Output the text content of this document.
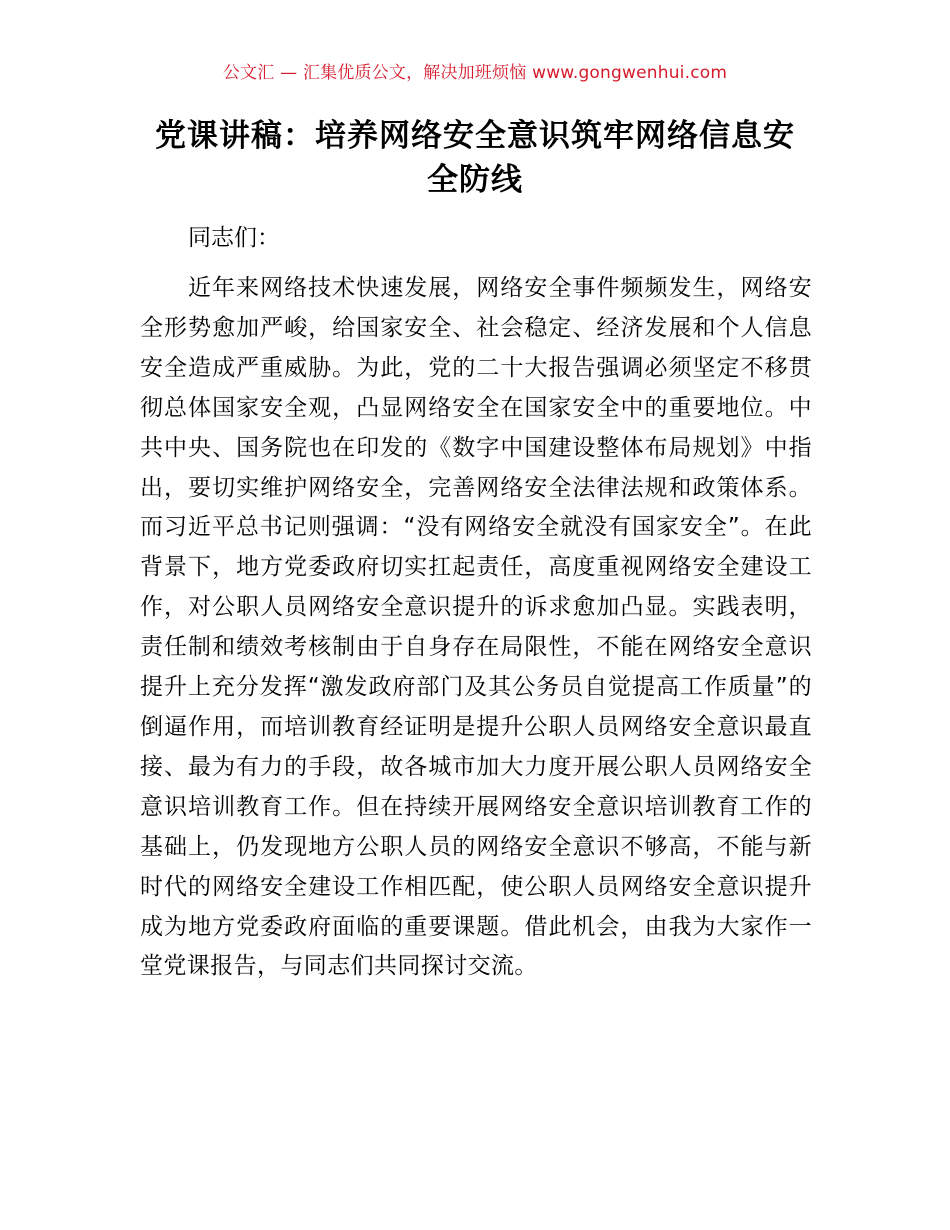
公文汇 — 汇集优质公文，解决加班烦恼 www.gongwenhui.com
党课讲稿：培养网络安全意识筑牢网络信息安全防线
同志们：
近年来网络技术快速发展，网络安全事件频频发生，网络安全形势愈加严峻，给国家安全、社会稳定、经济发展和个人信息安全造成严重威胁。为此，党的二十大报告强调必须坚定不移贯彻总体国家安全观，凸显网络安全在国家安全中的重要地位。中共中央、国务院也在印发的《数字中国建设整体布局规划》中指出，要切实维护网络安全，完善网络安全法律法规和政策体系。而习近平总书记则强调：“没有网络安全就没有国家安全”。在此背景下，地方党委政府切实扛起责任，高度重视网络安全建设工作，对公职人员网络安全意识提升的诉求愈加凸显。实践表明，责任制和绩效考核制由于自身存在局限性，不能在网络安全意识提升上充分发挥“激发政府部门及其公务员自觉提高工作质量”的倒逼作用，而培训教育经证明是提升公职人员网络安全意识最直接、最为有力的手段，故各城市加大力度开展公职人员网络安全意识培训教育工作。但在持续开展网络安全意识培训教育工作的基础上，仍发现地方公职人员的网络安全意识不够高，不能与新时代的网络安全建设工作相匹配，使公职人员网络安全意识提升成为地方党委政府面临的重要课题。借此机会，由我为大家作一堂党课报告，与同志们共同探讨交流。
